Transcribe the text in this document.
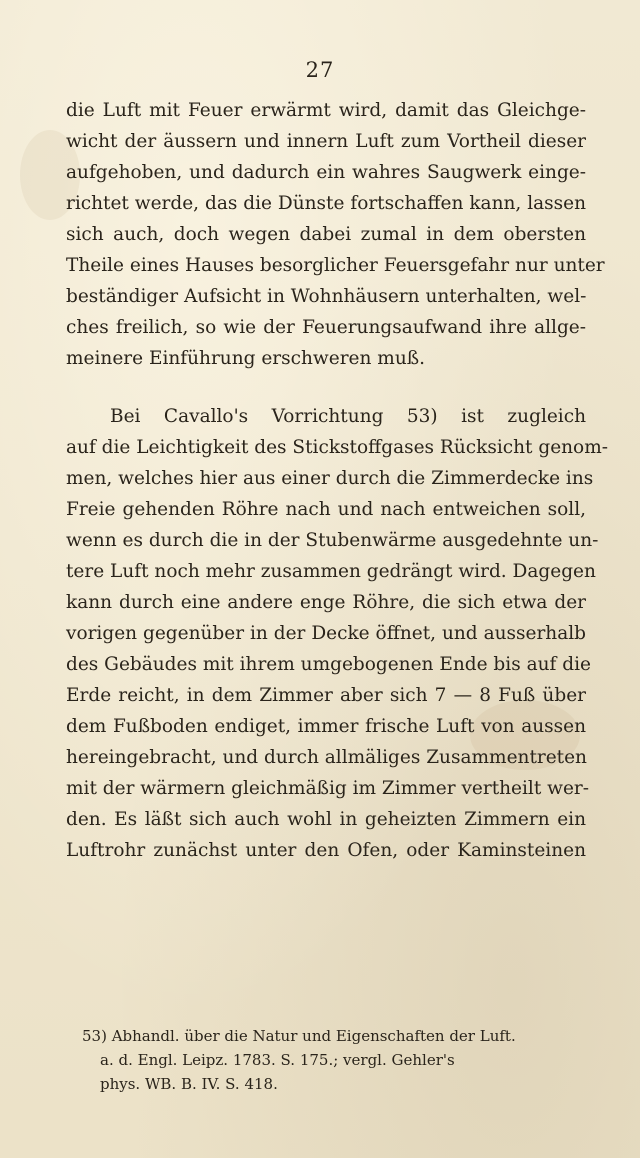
27
die Luft mit Feuer erwärmt wird, damit das Gleichge-
wicht der äussern und innern Luft zum Vortheil dieser
aufgehoben, und dadurch ein wahres Saugwerk einge-
richtet werde, das die Dünste fortschaffen kann, lassen
sich auch, doch wegen dabei zumal in dem obersten
Theile eines Hauses besorglicher Feuersgefahr nur unter
beständiger Aufsicht in Wohnhäusern unterhalten, wel-
ches freilich, so wie der Feuerungsaufwand ihre allge-
meinere Einführung erschweren muß.
Bei Cavallo's Vorrichtung 53) ist zugleich
auf die Leichtigkeit des Stickstoffgases Rücksicht genom-
men, welches hier aus einer durch die Zimmerdecke ins
Freie gehenden Röhre nach und nach entweichen soll,
wenn es durch die in der Stubenwärme ausgedehnte un-
tere Luft noch mehr zusammen gedrängt wird. Dagegen
kann durch eine andere enge Röhre, die sich etwa der
vorigen gegenüber in der Decke öffnet, und ausserhalb
des Gebäudes mit ihrem umgebogenen Ende bis auf die
Erde reicht, in dem Zimmer aber sich 7 — 8 Fuß über
dem Fußboden endiget, immer frische Luft von aussen
hereingebracht, und durch allmäliges Zusammentreten
mit der wärmern gleichmäßig im Zimmer vertheilt wer-
den. Es läßt sich auch wohl in geheizten Zimmern ein
Luftrohr zunächst unter den Ofen, oder Kaminsteinen
53) Abhandl. über die Natur und Eigenschaften der Luft.
a. d. Engl. Leipz. 1783. S. 175.; vergl. Gehler's
phys. WB. B. IV. S. 418.
